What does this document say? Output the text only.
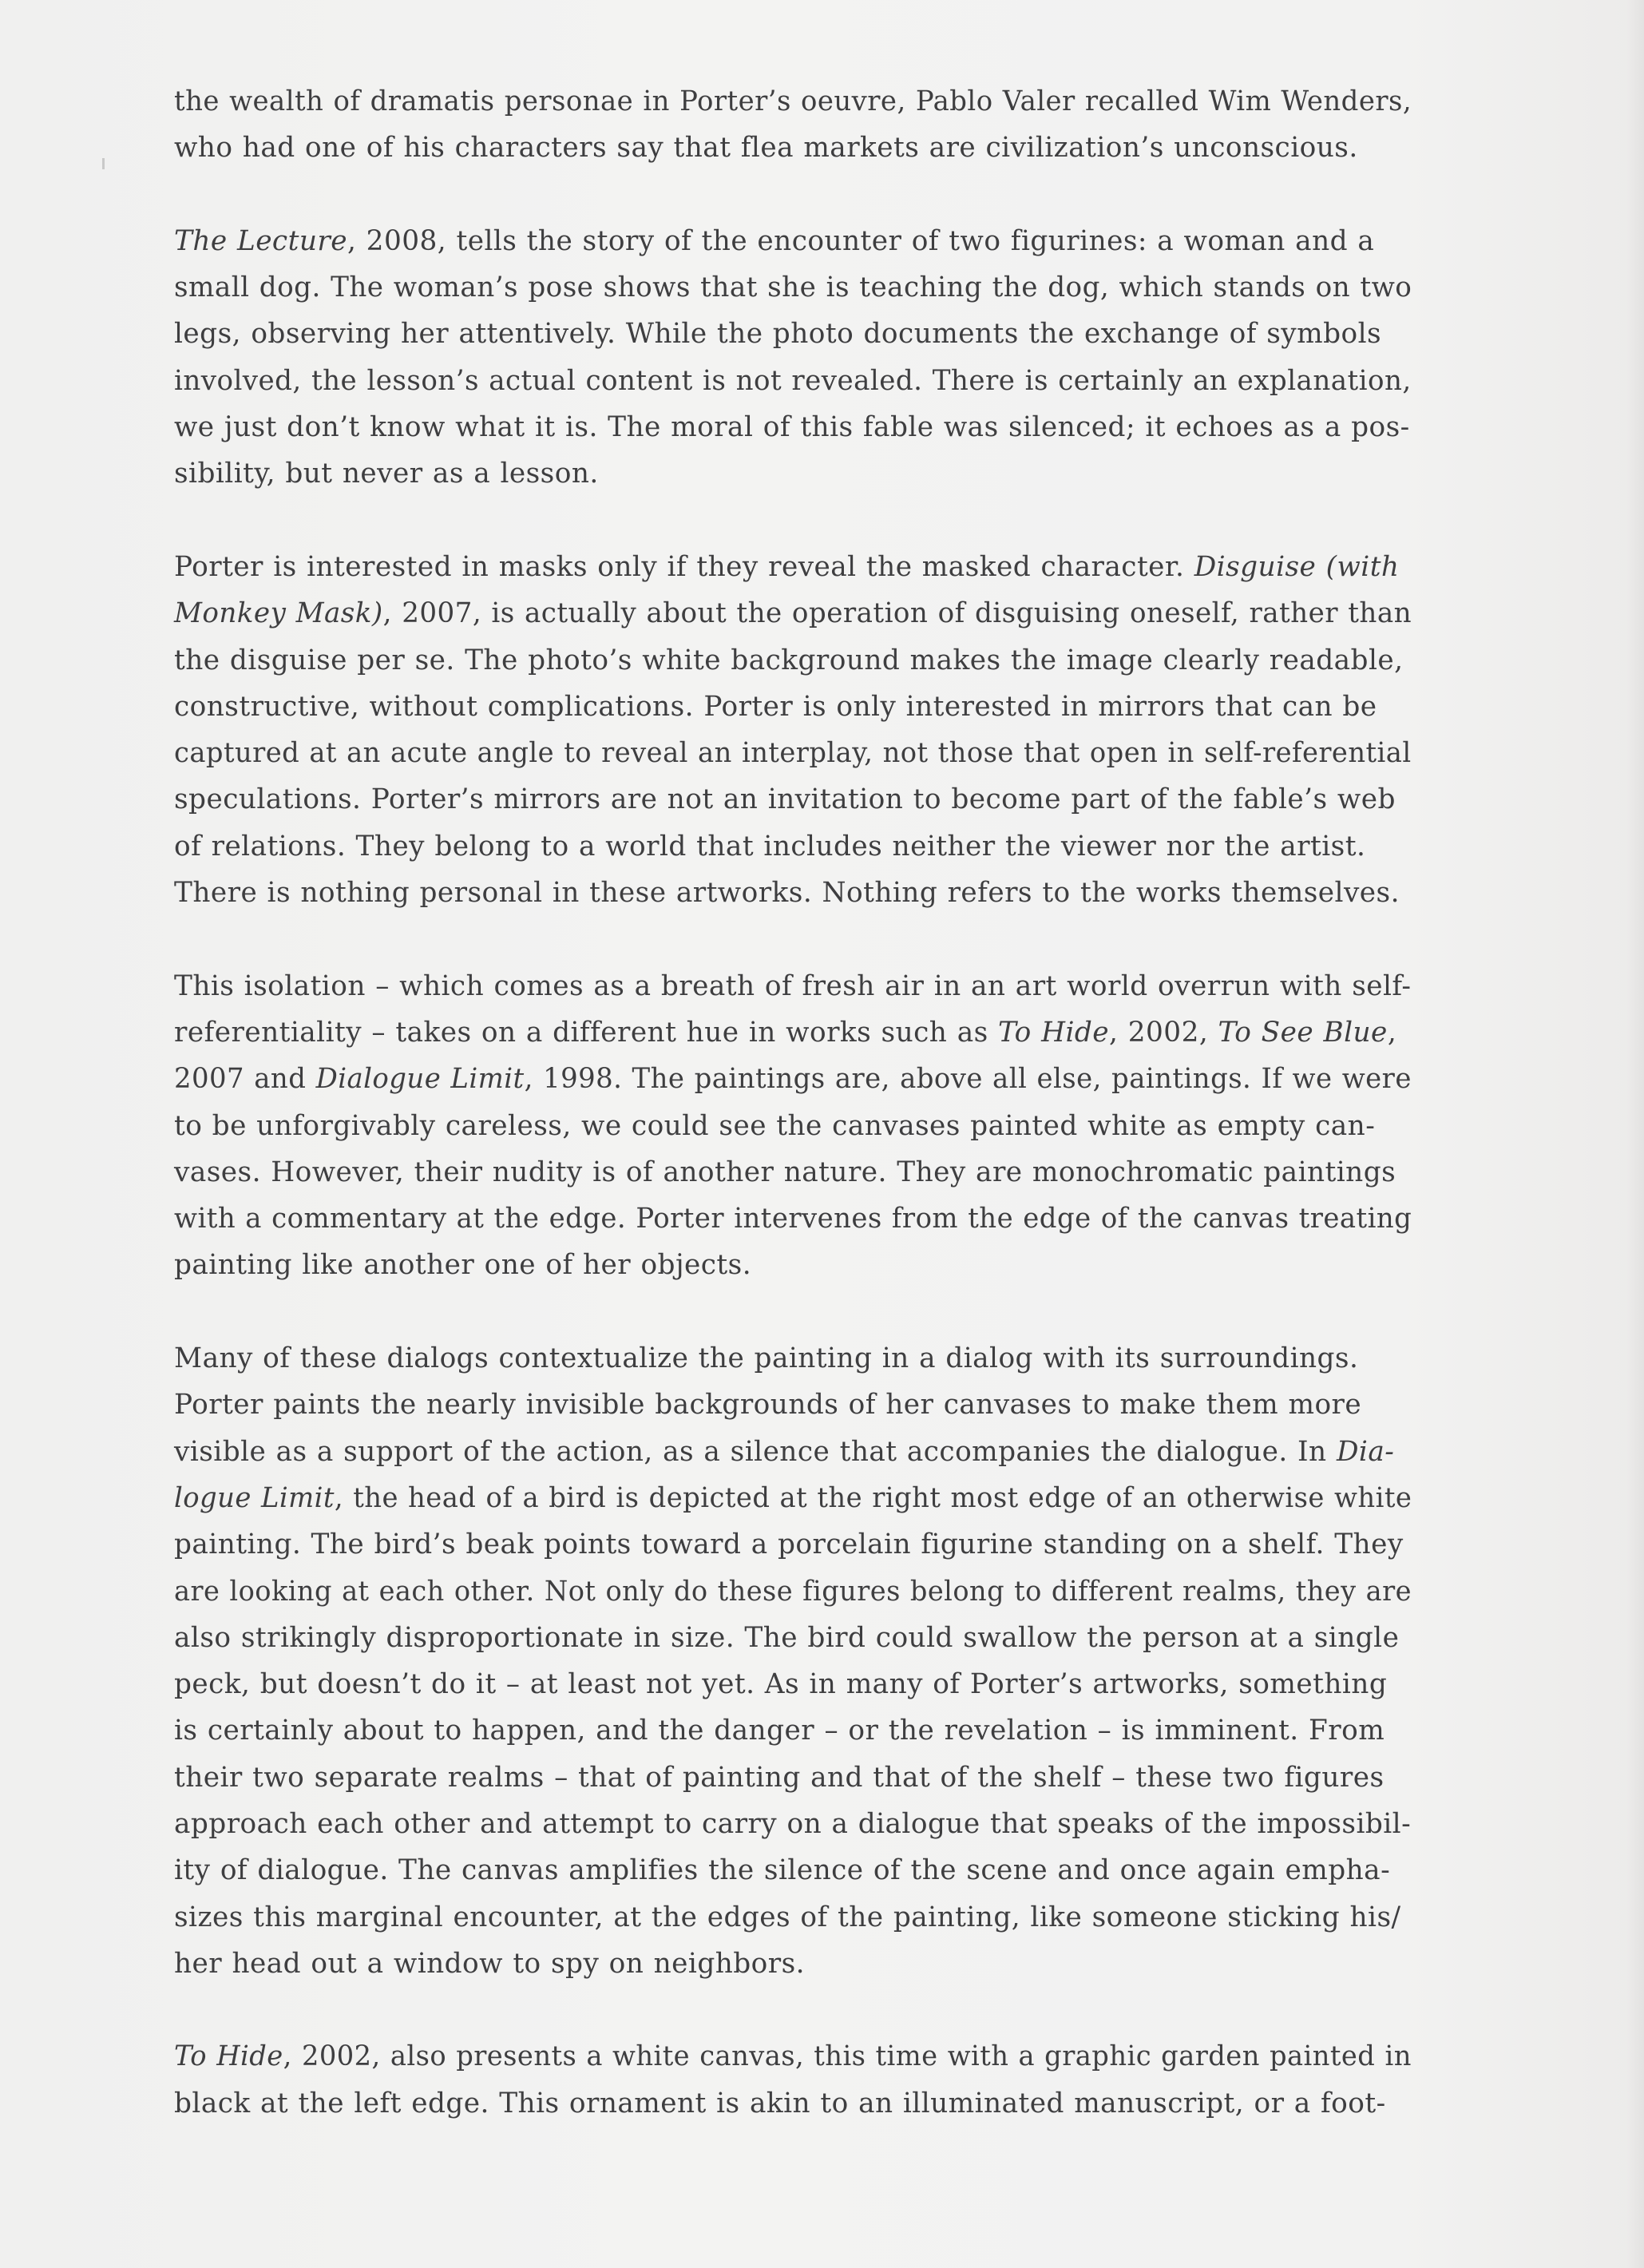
the wealth of dramatis personae in Porter’s oeuvre, Pablo Valer recalled Wim Wenders,
who had one of his characters say that flea markets are civilization’s unconscious.
The Lecture, 2008, tells the story of the encounter of two figurines: a woman and a
small dog. The woman’s pose shows that she is teaching the dog, which stands on two
legs, observing her attentively. While the photo documents the exchange of symbols
involved, the lesson’s actual content is not revealed. There is certainly an explanation,
we just don’t know what it is. The moral of this fable was silenced; it echoes as a pos-
sibility, but never as a lesson.
Porter is interested in masks only if they reveal the masked character. Disguise (with
Monkey Mask), 2007, is actually about the operation of disguising oneself, rather than
the disguise per se. The photo’s white background makes the image clearly readable,
constructive, without complications. Porter is only interested in mirrors that can be
captured at an acute angle to reveal an interplay, not those that open in self-referential
speculations. Porter’s mirrors are not an invitation to become part of the fable’s web
of relations. They belong to a world that includes neither the viewer nor the artist.
There is nothing personal in these artworks. Nothing refers to the works themselves.
This isolation – which comes as a breath of fresh air in an art world overrun with self-
referentiality – takes on a different hue in works such as To Hide, 2002, To See Blue,
2007 and Dialogue Limit, 1998. The paintings are, above all else, paintings. If we were
to be unforgivably careless, we could see the canvases painted white as empty can-
vases. However, their nudity is of another nature. They are monochromatic paintings
with a commentary at the edge. Porter intervenes from the edge of the canvas treating
painting like another one of her objects.
Many of these dialogs contextualize the painting in a dialog with its surroundings.
Porter paints the nearly invisible backgrounds of her canvases to make them more
visible as a support of the action, as a silence that accompanies the dialogue. In Dia-
logue Limit, the head of a bird is depicted at the right most edge of an otherwise white
painting. The bird’s beak points toward a porcelain figurine standing on a shelf. They
are looking at each other. Not only do these figures belong to different realms, they are
also strikingly disproportionate in size. The bird could swallow the person at a single
peck, but doesn’t do it – at least not yet. As in many of Porter’s artworks, something
is certainly about to happen, and the danger – or the revelation – is imminent. From
their two separate realms – that of painting and that of the shelf – these two figures
approach each other and attempt to carry on a dialogue that speaks of the impossibil-
ity of dialogue. The canvas amplifies the silence of the scene and once again empha-
sizes this marginal encounter, at the edges of the painting, like someone sticking his/
her head out a window to spy on neighbors.
To Hide, 2002, also presents a white canvas, this time with a graphic garden painted in
black at the left edge. This ornament is akin to an illuminated manuscript, or a foot-
